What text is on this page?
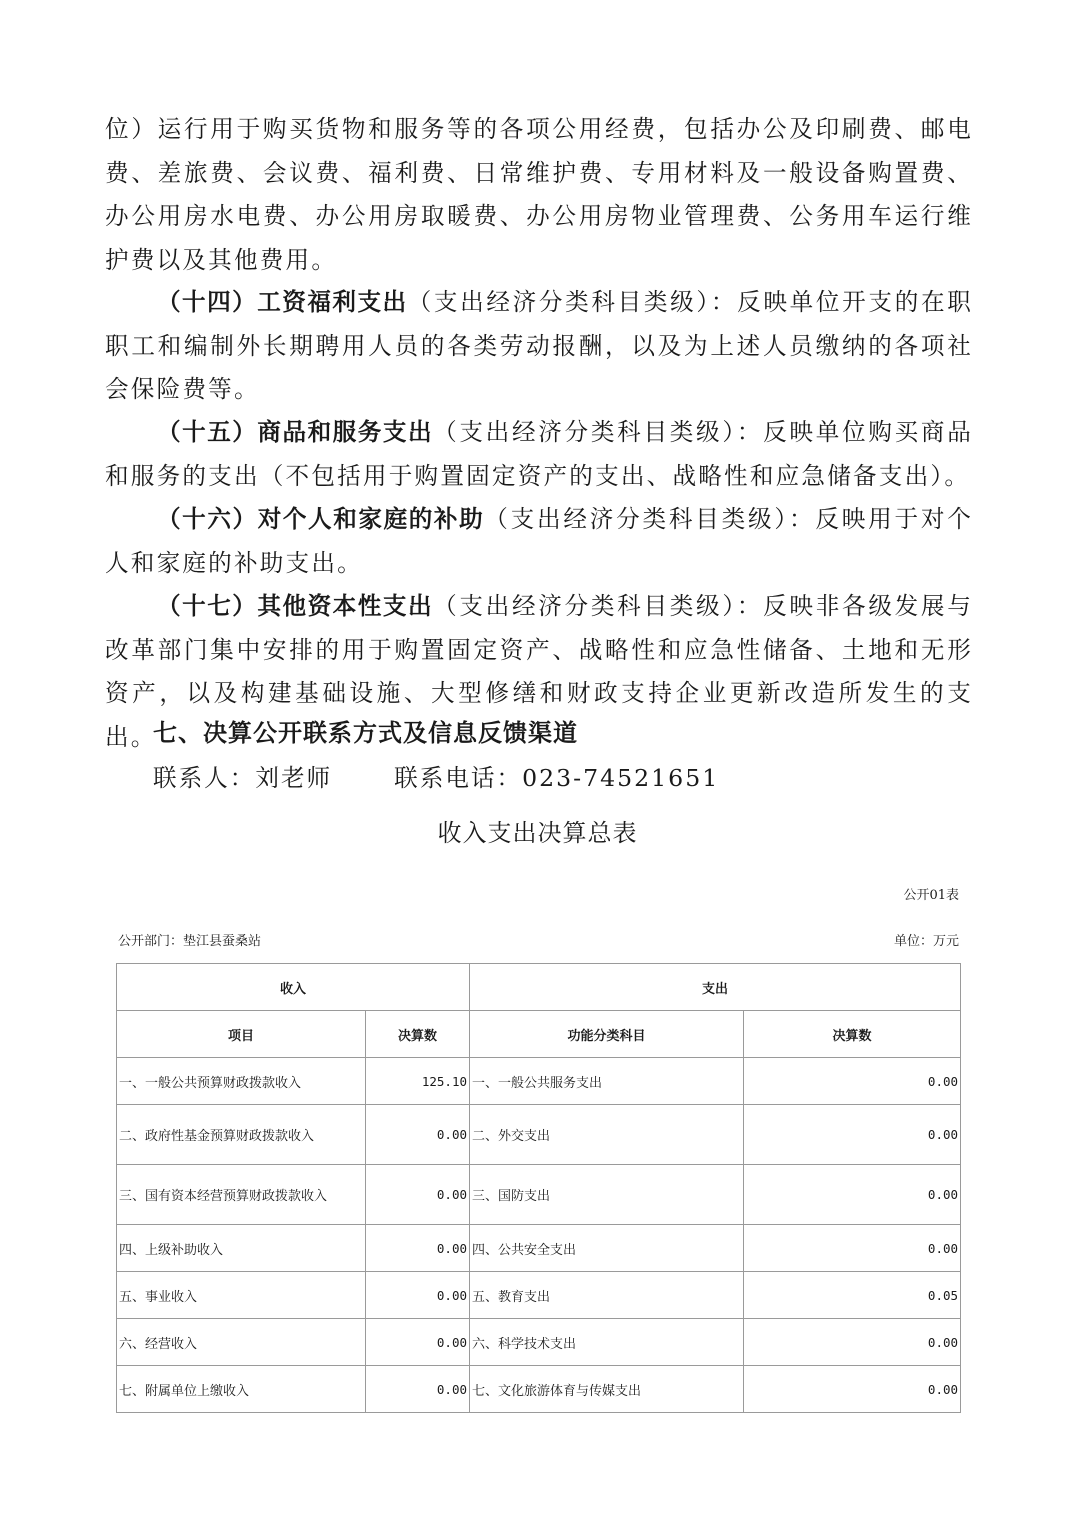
位）运行用于购买货物和服务等的各项公用经费，包括办公及印刷费、邮电费、差旅费、会议费、福利费、日常维护费、专用材料及一般设备购置费、办公用房水电费、办公用房取暖费、办公用房物业管理费、公务用车运行维护费以及其他费用。

（十四）工资福利支出（支出经济分类科目类级）：反映单位开支的在职职工和编制外长期聘用人员的各类劳动报酬，以及为上述人员缴纳的各项社会保险费等。

（十五）商品和服务支出（支出经济分类科目类级）：反映单位购买商品和服务的支出（不包括用于购置固定资产的支出、战略性和应急储备支出）。

（十六）对个人和家庭的补助（支出经济分类科目类级）：反映用于对个人和家庭的补助支出。

（十七）其他资本性支出（支出经济分类科目类级）：反映非各级发展与改革部门集中安排的用于购置固定资产、战略性和应急性储备、土地和无形资产，以及构建基础设施、大型修缮和财政支持企业更新改造所发生的支出。

七、决算公开联系方式及信息反馈渠道
联系人：刘老师	联系电话：023-74521651
收入支出决算总表
公开01表
公开部门：垫江县蚕桑站	单位：万元
收入		支出	
项目	决算数	功能分类科目	决算数
一、一般公共预算财政拨款收入	125.10	一、一般公共服务支出	0.00
二、政府性基金预算财政拨款收入	0.00	二、外交支出	0.00
三、国有资本经营预算财政拨款收入	0.00	三、国防支出	0.00
四、上级补助收入	0.00	四、公共安全支出	0.00
五、事业收入	0.00	五、教育支出	0.05
六、经营收入	0.00	六、科学技术支出	0.00
七、附属单位上缴收入	0.00	七、文化旅游体育与传媒支出	0.00
